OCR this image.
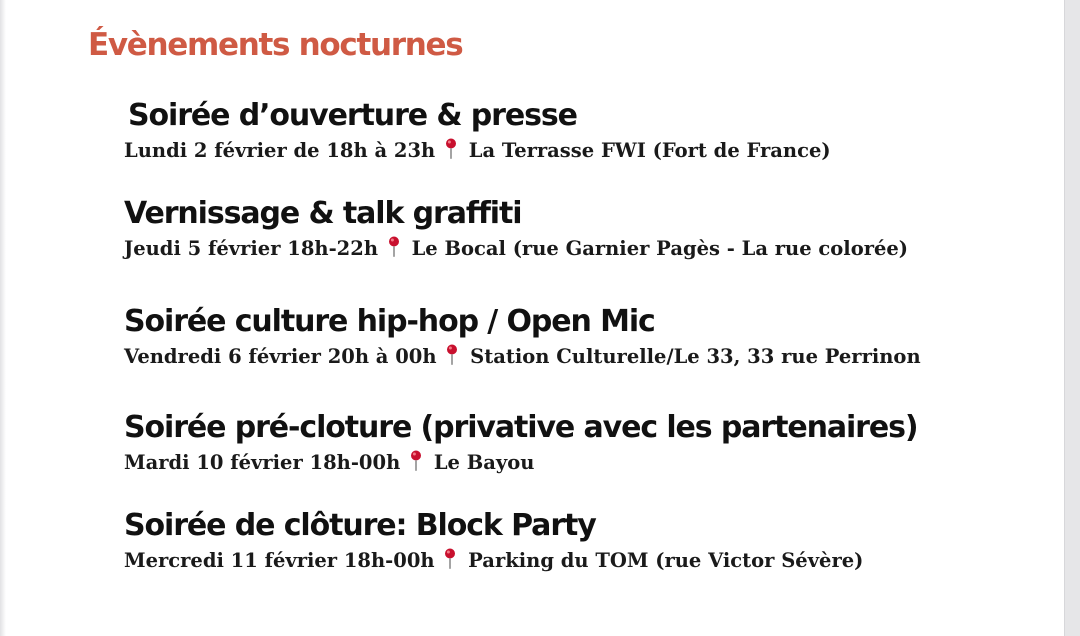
Évènements nocturnes
Soirée d’ouverture & presse
Lundi 2 février de 18h à 23h La Terrasse FWI (Fort de France)
Vernissage & talk graffiti
Jeudi 5 février 18h-22h Le Bocal (rue Garnier Pagès - La rue colorée)
Soirée culture hip-hop / Open Mic
Vendredi 6 février 20h à 00h Station Culturelle/Le 33, 33 rue Perrinon
Soirée pré-cloture (privative avec les partenaires)
Mardi 10 février 18h-00h Le Bayou
Soirée de clôture: Block Party
Mercredi 11 février 18h-00h Parking du TOM (rue Victor Sévère)
